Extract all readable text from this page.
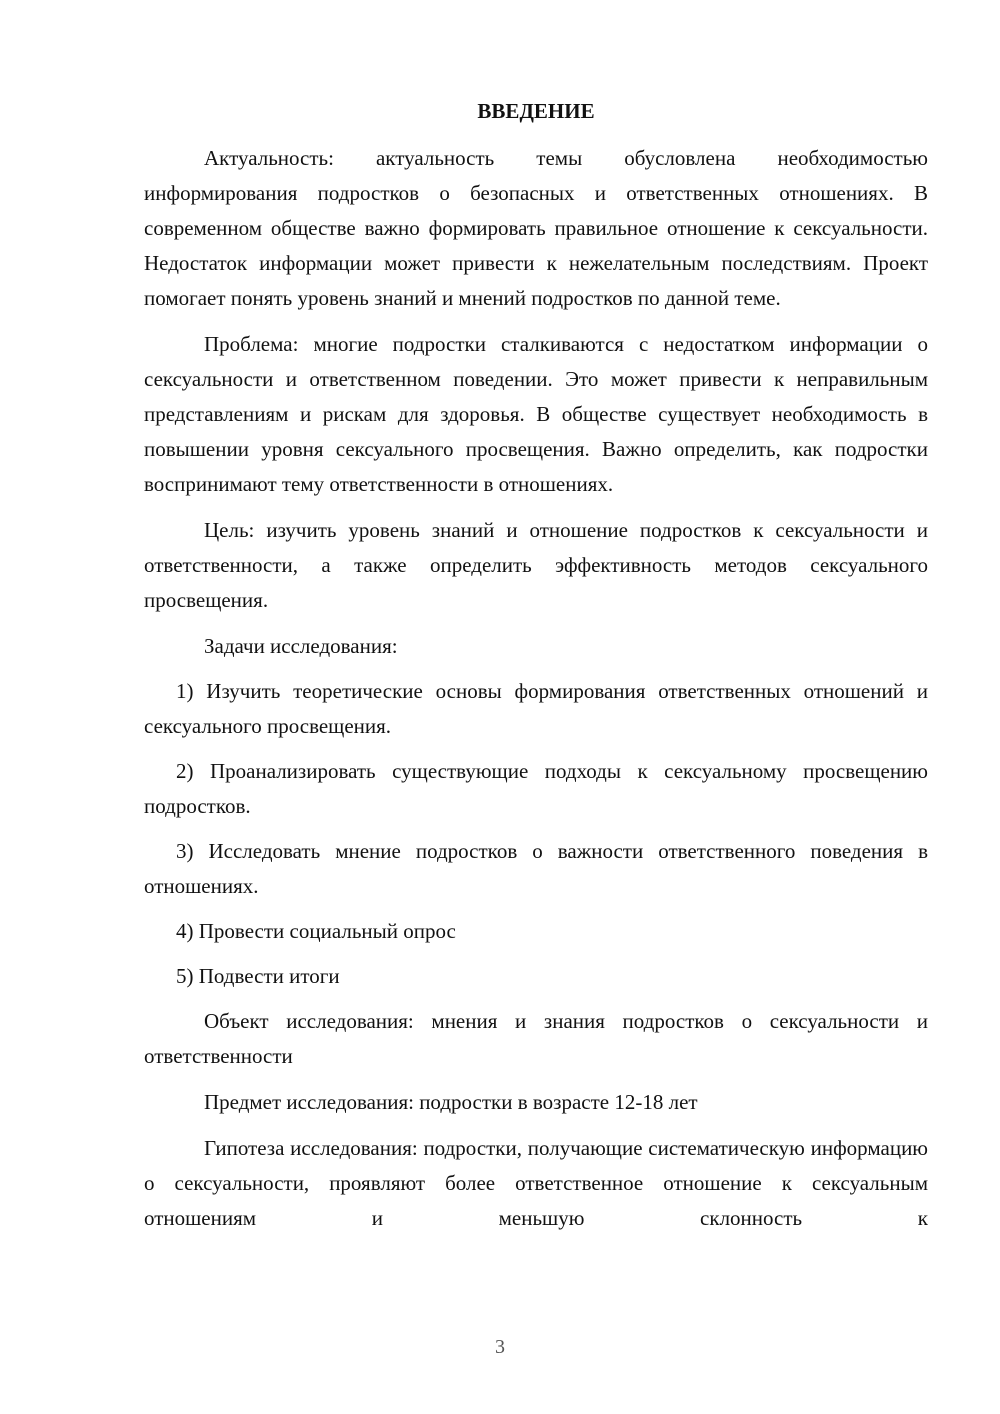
ВВЕДЕНИЕ

Актуальность: актуальность темы обусловлена необходимостью информирования подростков о безопасных и ответственных отношениях. В современном обществе важно формировать правильное отношение к сексуальности. Недостаток информации может привести к нежелательным последствиям. Проект помогает понять уровень знаний и мнений подростков по данной теме.

Проблема: многие подростки сталкиваются с недостатком информации о сексуальности и ответственном поведении. Это может привести к неправильным представлениям и рискам для здоровья. В обществе существует необходимость в повышении уровня сексуального просвещения. Важно определить, как подростки воспринимают тему ответственности в отношениях.

Цель: изучить уровень знаний и отношение подростков к сексуальности и ответственности, а также определить эффективность методов сексуального просвещения.

Задачи исследования:

1) Изучить теоретические основы формирования ответственных отношений и сексуального просвещения.

2) Проанализировать существующие подходы к сексуальному просвещению подростков.

3) Исследовать мнение подростков о важности ответственного поведения в отношениях.

4) Провести социальный опрос

5) Подвести итоги

Объект исследования: мнения и знания подростков о сексуальности и ответственности

Предмет исследования: подростки в возрасте 12-18 лет

Гипотеза исследования: подростки, получающие систематическую информацию о сексуальности, проявляют более ответственное отношение к сексуальным отношениям и меньшую склонность к

3
